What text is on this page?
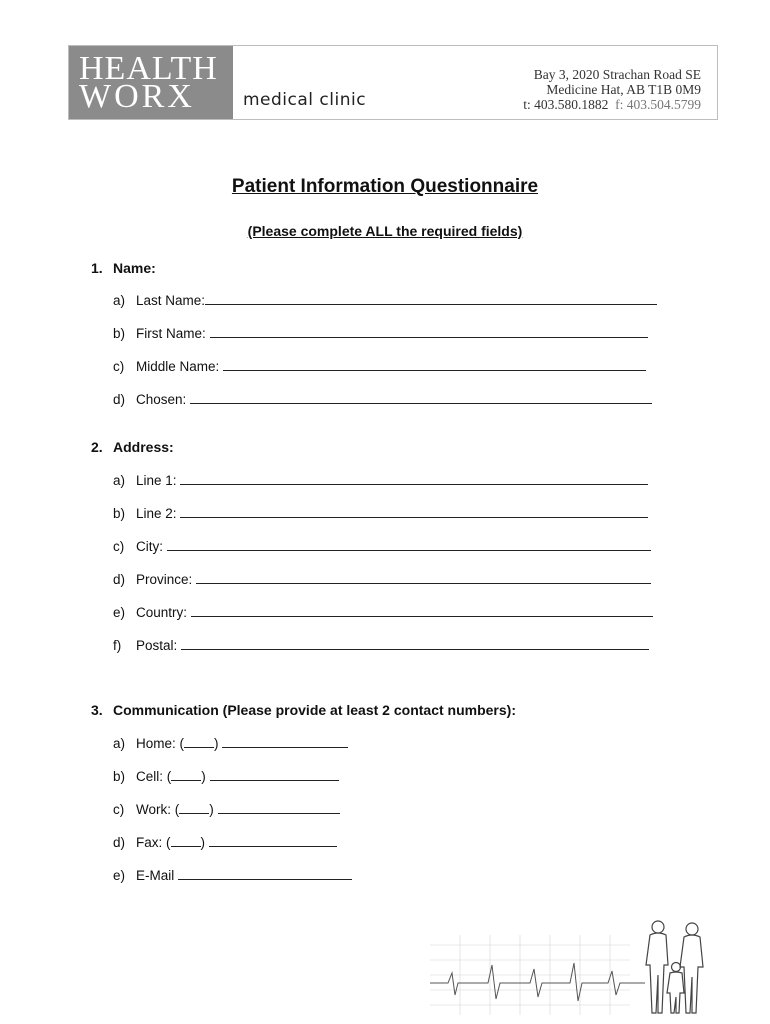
HEALTH
WORX	medical clinic
Bay 3, 2020 Strachan Road SE
Medicine Hat, AB T1B 0M9
t: 403.580.1882 f: 403.504.5799
Patient Information Questionnaire
(Please complete ALL the required fields)
1. Name:
a) Last Name:
b) First Name:
c) Middle Name:
d) Chosen:
2. Address:
a) Line 1:
b) Line 2:
c) City:
d) Province:
e) Country:
f) Postal:
3. Communication (Please provide at least 2 contact numbers):
a) Home: ( )
b) Cell: ( )
c) Work: ( )
d) Fax: ( )
e) E-Mail
